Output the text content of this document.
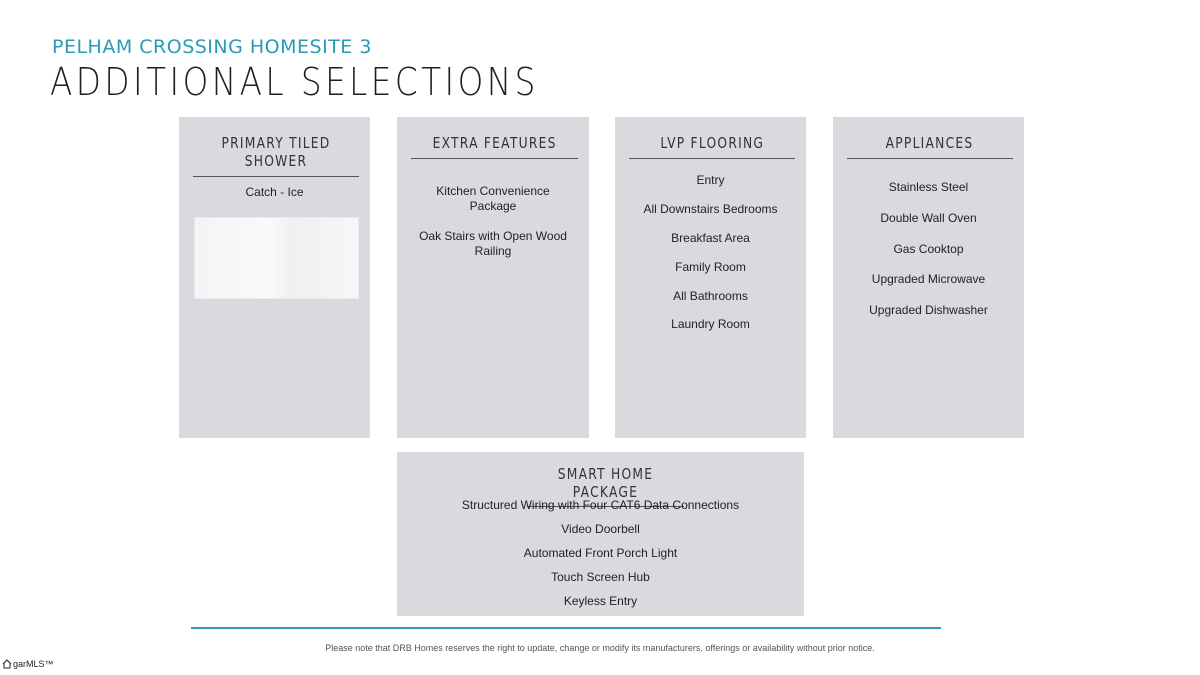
PELHAM CROSSING HOMESITE 3
ADDITIONAL SELECTIONS
PRIMARY TILED SHOWER
Catch - Ice
EXTRA FEATURES
Kitchen Convenience Package
Oak Stairs with Open Wood Railing
LVP FLOORING
Entry
All Downstairs Bedrooms
Breakfast Area
Family Room
All Bathrooms
Laundry Room
APPLIANCES
Stainless Steel
Double Wall Oven
Gas Cooktop
Upgraded Microwave
Upgraded Dishwasher
SMART HOME PACKAGE
Structured Wiring with Four CAT6 Data Connections
Video Doorbell
Automated Front Porch Light
Touch Screen Hub
Keyless Entry
Please note that DRB Homes reserves the right to update, change or modify its manufacturers, offerings or availability without prior notice.
garMLS™
